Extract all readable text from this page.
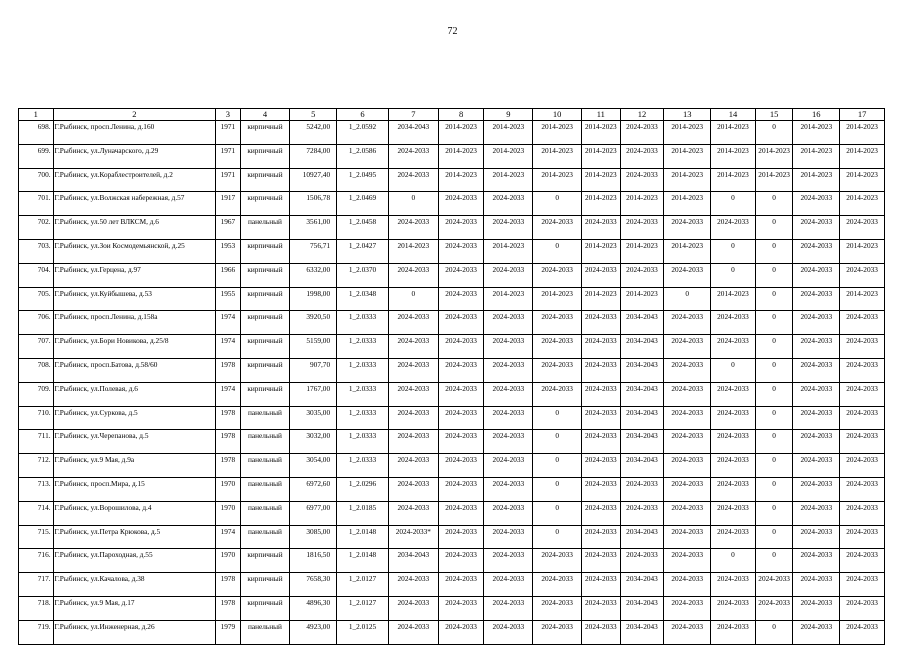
72
1	2	3	4	5	6	7	8	9	10	11	12	13	14	15	16	17
698.	Г.Рыбинск, просп.Ленина, д.160	1971	кирпичный	5242,00	1_2.0592	2034-2043	2014-2023	2014-2023	2014-2023	2014-2023	2024-2033	2014-2023	2014-2023	0	2014-2023	2014-2023
699.	Г.Рыбинск, ул.Луначарского, д.29	1971	кирпичный	7284,00	1_2.0586	2024-2033	2014-2023	2014-2023	2014-2023	2014-2023	2024-2033	2014-2023	2014-2023	2014-2023	2014-2023	2014-2023
700.	Г.Рыбинск, ул.Кораблестроителей, д.2	1971	кирпичный	10927,40	1_2.0495	2024-2033	2014-2023	2014-2023	2014-2023	2014-2023	2024-2033	2014-2023	2014-2023	2014-2023	2014-2023	2014-2023
701.	Г.Рыбинск, ул.Волжская набережная, д.57	1917	кирпичный	1506,78	1_2.0469	0	2024-2033	2024-2033	0	2014-2023	2014-2023	2014-2023	0	0	2024-2033	2014-2023
702.	Г.Рыбинск, ул.50 лет ВЛКСМ, д.6	1967	панельный	3561,00	1_2.0458	2024-2033	2024-2033	2024-2033	2024-2033	2024-2033	2024-2033	2024-2033	2024-2033	0	2024-2033	2024-2033
703.	Г.Рыбинск, ул.Зои Космодемьянской, д.25	1953	кирпичный	756,71	1_2.0427	2014-2023	2024-2033	2014-2023	0	2014-2023	2014-2023	2014-2023	0	0	2024-2033	2014-2023
704.	Г.Рыбинск, ул.Герцена, д.97	1966	кирпичный	6332,00	1_2.0370	2024-2033	2024-2033	2024-2033	2024-2033	2024-2033	2024-2033	2024-2033	0	0	2024-2033	2024-2033
705.	Г.Рыбинск, ул.Куйбышева, д.53	1955	кирпичный	1998,00	1_2.0348	0	2024-2033	2014-2023	2014-2023	2014-2023	2014-2023	0	2014-2023	0	2024-2033	2014-2023
706.	Г.Рыбинск, просп.Ленина, д.158а	1974	кирпичный	3920,50	1_2.0333	2024-2033	2024-2033	2024-2033	2024-2033	2024-2033	2034-2043	2024-2033	2024-2033	0	2024-2033	2024-2033
707.	Г.Рыбинск, ул.Бори Новикова, д.25/8	1974	кирпичный	5159,00	1_2.0333	2024-2033	2024-2033	2024-2033	2024-2033	2024-2033	2034-2043	2024-2033	2024-2033	0	2024-2033	2024-2033
708.	Г.Рыбинск, просп.Батова, д.58/60	1978	кирпичный	907,70	1_2.0333	2024-2033	2024-2033	2024-2033	2024-2033	2024-2033	2034-2043	2024-2033	0	0	2024-2033	2024-2033
709.	Г.Рыбинск, ул.Полевая, д.6	1974	кирпичный	1767,00	1_2.0333	2024-2033	2024-2033	2024-2033	2024-2033	2024-2033	2034-2043	2024-2033	2024-2033	0	2024-2033	2024-2033
710.	Г.Рыбинск, ул.Суркова, д.5	1978	панельный	3035,00	1_2.0333	2024-2033	2024-2033	2024-2033	0	2024-2033	2034-2043	2024-2033	2024-2033	0	2024-2033	2024-2033
711.	Г.Рыбинск, ул.Черепанова, д.5	1978	панельный	3032,00	1_2.0333	2024-2033	2024-2033	2024-2033	0	2024-2033	2034-2043	2024-2033	2024-2033	0	2024-2033	2024-2033
712.	Г.Рыбинск, ул.9 Мая, д.9а	1978	панельный	3054,00	1_2.0333	2024-2033	2024-2033	2024-2033	0	2024-2033	2034-2043	2024-2033	2024-2033	0	2024-2033	2024-2033
713.	Г.Рыбинск, просп.Мира, д.15	1970	панельный	6972,60	1_2.0296	2024-2033	2024-2033	2024-2033	0	2024-2033	2024-2033	2024-2033	2024-2033	0	2024-2033	2024-2033
714.	Г.Рыбинск, ул.Ворошилова, д.4	1970	панельный	6977,00	1_2.0185	2024-2033	2024-2033	2024-2033	0	2024-2033	2024-2033	2024-2033	2024-2033	0	2024-2033	2024-2033
715.	Г.Рыбинск, ул.Петра Крюкова, д.5	1974	панельный	3085,00	1_2.0148	2024-2033*	2024-2033	2024-2033	0	2024-2033	2034-2043	2024-2033	2024-2033	0	2024-2033	2024-2033
716.	Г.Рыбинск, ул.Пароходная, д.55	1970	кирпичный	1816,50	1_2.0148	2034-2043	2024-2033	2024-2033	2024-2033	2024-2033	2024-2033	2024-2033	0	0	2024-2033	2024-2033
717.	Г.Рыбинск, ул.Качалова, д.38	1978	кирпичный	7658,30	1_2.0127	2024-2033	2024-2033	2024-2033	2024-2033	2024-2033	2034-2043	2024-2033	2024-2033	2024-2033	2024-2033	2024-2033
718.	Г.Рыбинск, ул.9 Мая, д.17	1978	кирпичный	4896,30	1_2.0127	2024-2033	2024-2033	2024-2033	2024-2033	2024-2033	2034-2043	2024-2033	2024-2033	2024-2033	2024-2033	2024-2033
719.	Г.Рыбинск, ул.Инженерная, д.26	1979	панельный	4923,00	1_2.0125	2024-2033	2024-2033	2024-2033	2024-2033	2024-2033	2034-2043	2024-2033	2024-2033	0	2024-2033	2024-2033
